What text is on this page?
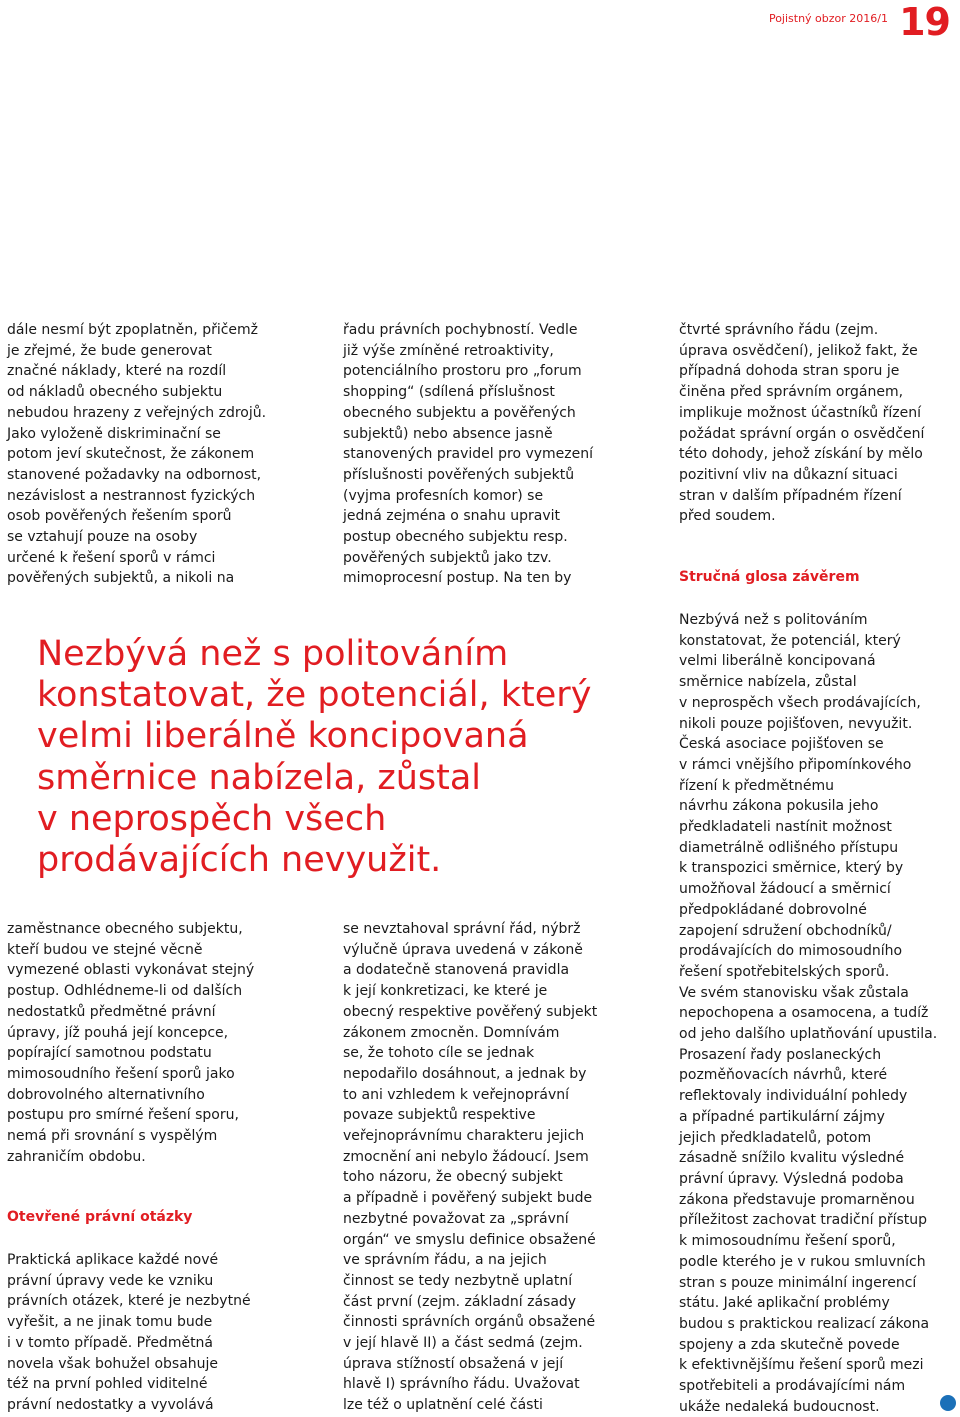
Pojistný obzor 2016/1 19
dále nesmí být zpoplatněn, přičemž
je zřejmé, že bude generovat
značné náklady, které na rozdíl
od nákladů obecného subjektu
nebudou hrazeny z veřejných zdrojů.
Jako vyloženě diskriminační se
potom jeví skutečnost, že zákonem
stanovené požadavky na odbornost,
nezávislost a nestrannost fyzických
osob pověřených řešením sporů
se vztahují pouze na osoby
určené k řešení sporů v rámci
pověřených subjektů, a nikoli na
řadu právních pochybností. Vedle
již výše zmíněné retroaktivity,
potenciálního prostoru pro „forum
shopping“ (sdílená příslušnost
obecného subjektu a pověřených
subjektů) nebo absence jasně
stanovených pravidel pro vymezení
příslušnosti pověřených subjektů
(vyjma profesních komor) se
jedná zejména o snahu upravit
postup obecného subjektu resp.
pověřených subjektů jako tzv.
mimoprocesní postup. Na ten by
čtvrté správního řádu (zejm.
úprava osvědčení), jelikož fakt, že
případná dohoda stran sporu je
činěna před správním orgánem,
implikuje možnost účastníků řízení
požádat správní orgán o osvědčení
této dohody, jehož získání by mělo
pozitivní vliv na důkazní situaci
stran v dalším případném řízení
před soudem.
Stručná glosa závěrem
Nezbývá než s politováním
konstatovat, že potenciál, který
velmi liberálně koncipovaná
směrnice nabízela, zůstal
v neprospěch všech prodávajících,
nikoli pouze pojišťoven, nevyužit.
Česká asociace pojišťoven se
v rámci vnějšího připomínkového
řízení k předmětnému
návrhu zákona pokusila jeho
předkladateli nastínit možnost
diametrálně odlišného přístupu
k transpozici směrnice, který by
umožňoval žádoucí a směrnicí
předpokládané dobrovolné
zapojení sdružení obchodníků/
prodávajících do mimosoudního
řešení spotřebitelských sporů.
Ve svém stanovisku však zůstala
nepochopena a osamocena, a tudíž
od jeho dalšího uplatňování upustila.
Prosazení řady poslaneckých
pozměňovacích návrhů, které
reflektovaly individuální pohledy
a případné partikulární zájmy
jejich předkladatelů, potom
zásadně snížilo kvalitu výsledné
právní úpravy. Výsledná podoba
zákona představuje promarněnou
příležitost zachovat tradiční přístup
k mimosoudnímu řešení sporů,
podle kterého je v rukou smluvních
stran s pouze minimální ingerencí
státu. Jaké aplikační problémy
budou s praktickou realizací zákona
spojeny a zda skutečně povede
k efektivnějšímu řešení sporů mezi
spotřebiteli a prodávajícími nám
ukáže nedaleká budoucnost.
Nezbývá než s politováním
konstatovat, že potenciál, který
velmi liberálně koncipovaná
směrnice nabízela, zůstal
v neprospěch všech
prodávajících nevyužit.
zaměstnance obecného subjektu,
kteří budou ve stejné věcně
vymezené oblasti vykonávat stejný
postup. Odhlédneme-li od dalších
nedostatků předmětné právní
úpravy, jíž pouhá její koncepce,
popírající samotnou podstatu
mimosoudního řešení sporů jako
dobrovolného alternativního
postupu pro smírné řešení sporu,
nemá při srovnání s vyspělým
zahraničím obdobu.
Otevřené právní otázky
Praktická aplikace každé nové
právní úpravy vede ke vzniku
právních otázek, které je nezbytné
vyřešit, a ne jinak tomu bude
i v tomto případě. Předmětná
novela však bohužel obsahuje
též na první pohled viditelné
právní nedostatky a vyvolává
se nevztahoval správní řád, nýbrž
výlučně úprava uvedená v zákoně
a dodatečně stanovená pravidla
k její konkretizaci, ke které je
obecný respektive pověřený subjekt
zákonem zmocněn. Domnívám
se, že tohoto cíle se jednak
nepodařilo dosáhnout, a jednak by
to ani vzhledem k veřejnoprávní
povaze subjektů respektive
veřejnoprávnímu charakteru jejich
zmocnění ani nebylo žádoucí. Jsem
toho názoru, že obecný subjekt
a případně i pověřený subjekt bude
nezbytné považovat za „správní
orgán“ ve smyslu definice obsažené
ve správním řádu, a na jejich
činnost se tedy nezbytně uplatní
část první (zejm. základní zásady
činnosti správních orgánů obsažené
v její hlavě II) a část sedmá (zejm.
úprava stížností obsažená v její
hlavě I) správního řádu. Uvažovat
lze též o uplatnění celé části
